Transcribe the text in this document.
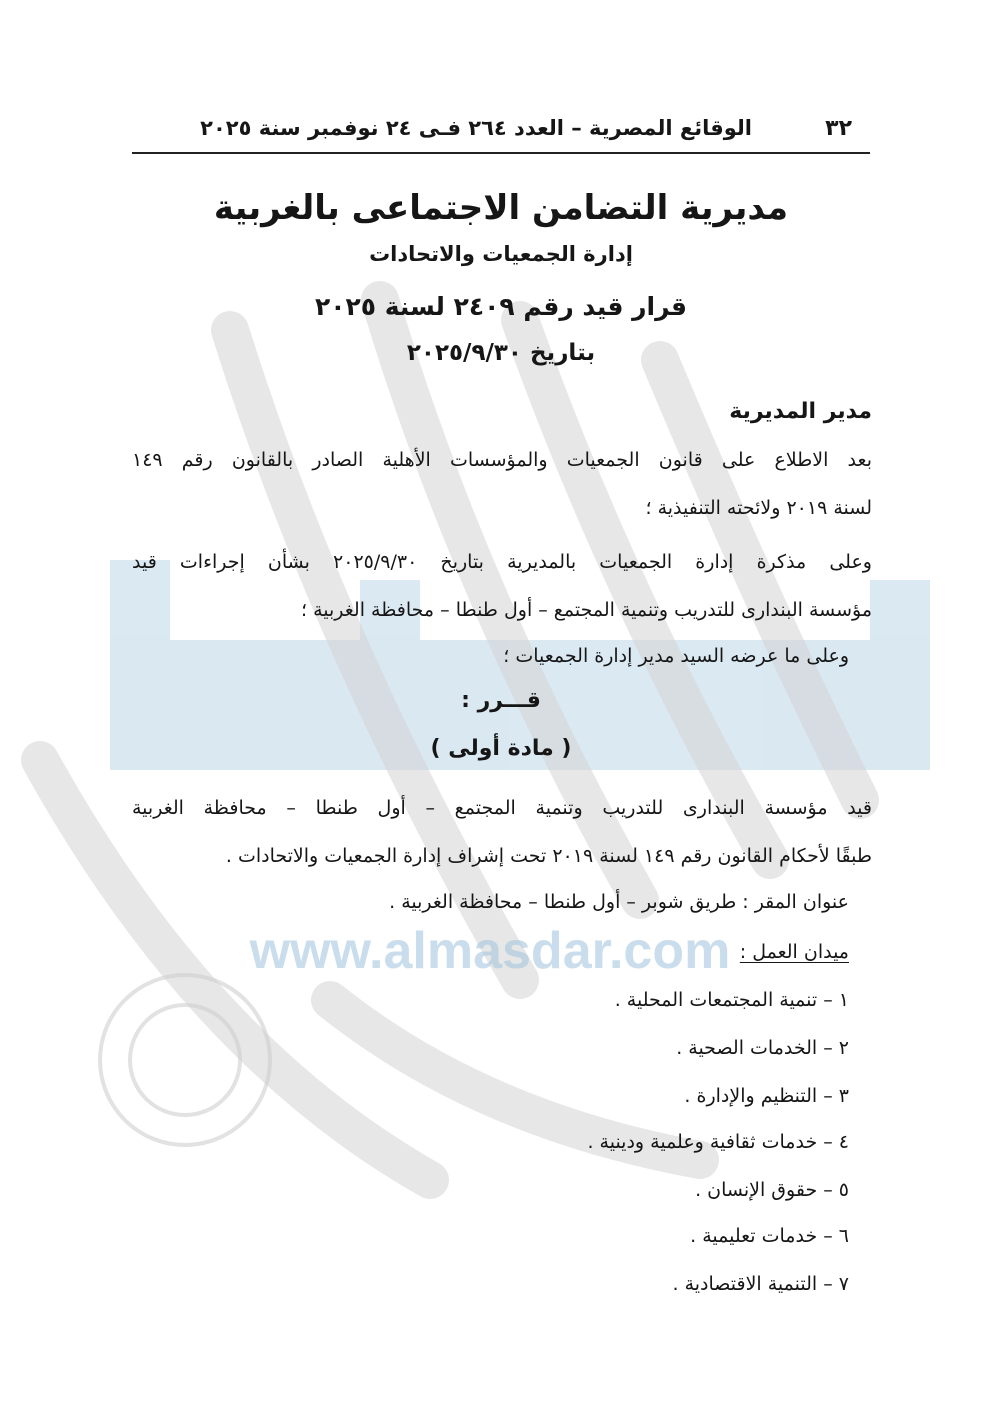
www.almasdar.com
٣٢
الوقائع المصرية – العدد ٢٦٤ فـى ٢٤ نوفمبر سنة ٢٠٢٥
مديرية التضامن الاجتماعى بالغربية
إدارة الجمعيات والاتحادات
قرار قيد رقم ٢٤٠٩ لسنة ٢٠٢٥
بتاريخ ٢٠٢٥/٩/٣٠
مدير المديرية
بعد الاطلاع على قانون الجمعيات والمؤسسات الأهلية الصادر بالقانون رقم ١٤٩
لسنة ٢٠١٩ ولائحته التنفيذية ؛
وعلى مذكرة إدارة الجمعيات بالمديرية بتاريخ ٢٠٢٥/٩/٣٠ بشأن إجراءات قيد
مؤسسة البندارى للتدريب وتنمية المجتمع – أول طنطا – محافظة الغربية ؛
وعلى ما عرضه السيد مدير إدارة الجمعيات ؛
قـــرر :
( مادة أولى )
قيد مؤسسة البندارى للتدريب وتنمية المجتمع – أول طنطا – محافظة الغربية
طبقًا لأحكام القانون رقم ١٤٩ لسنة ٢٠١٩ تحت إشراف إدارة الجمعيات والاتحادات .
عنوان المقر : طريق شوبر – أول طنطا – محافظة الغربية .
ميدان العمل :
١ – تنمية المجتمعات المحلية .
٢ – الخدمات الصحية .
٣ – التنظيم والإدارة .
٤ – خدمات ثقافية وعلمية ودينية .
٥ – حقوق الإنسان .
٦ – خدمات تعليمية .
٧ – التنمية الاقتصادية .
